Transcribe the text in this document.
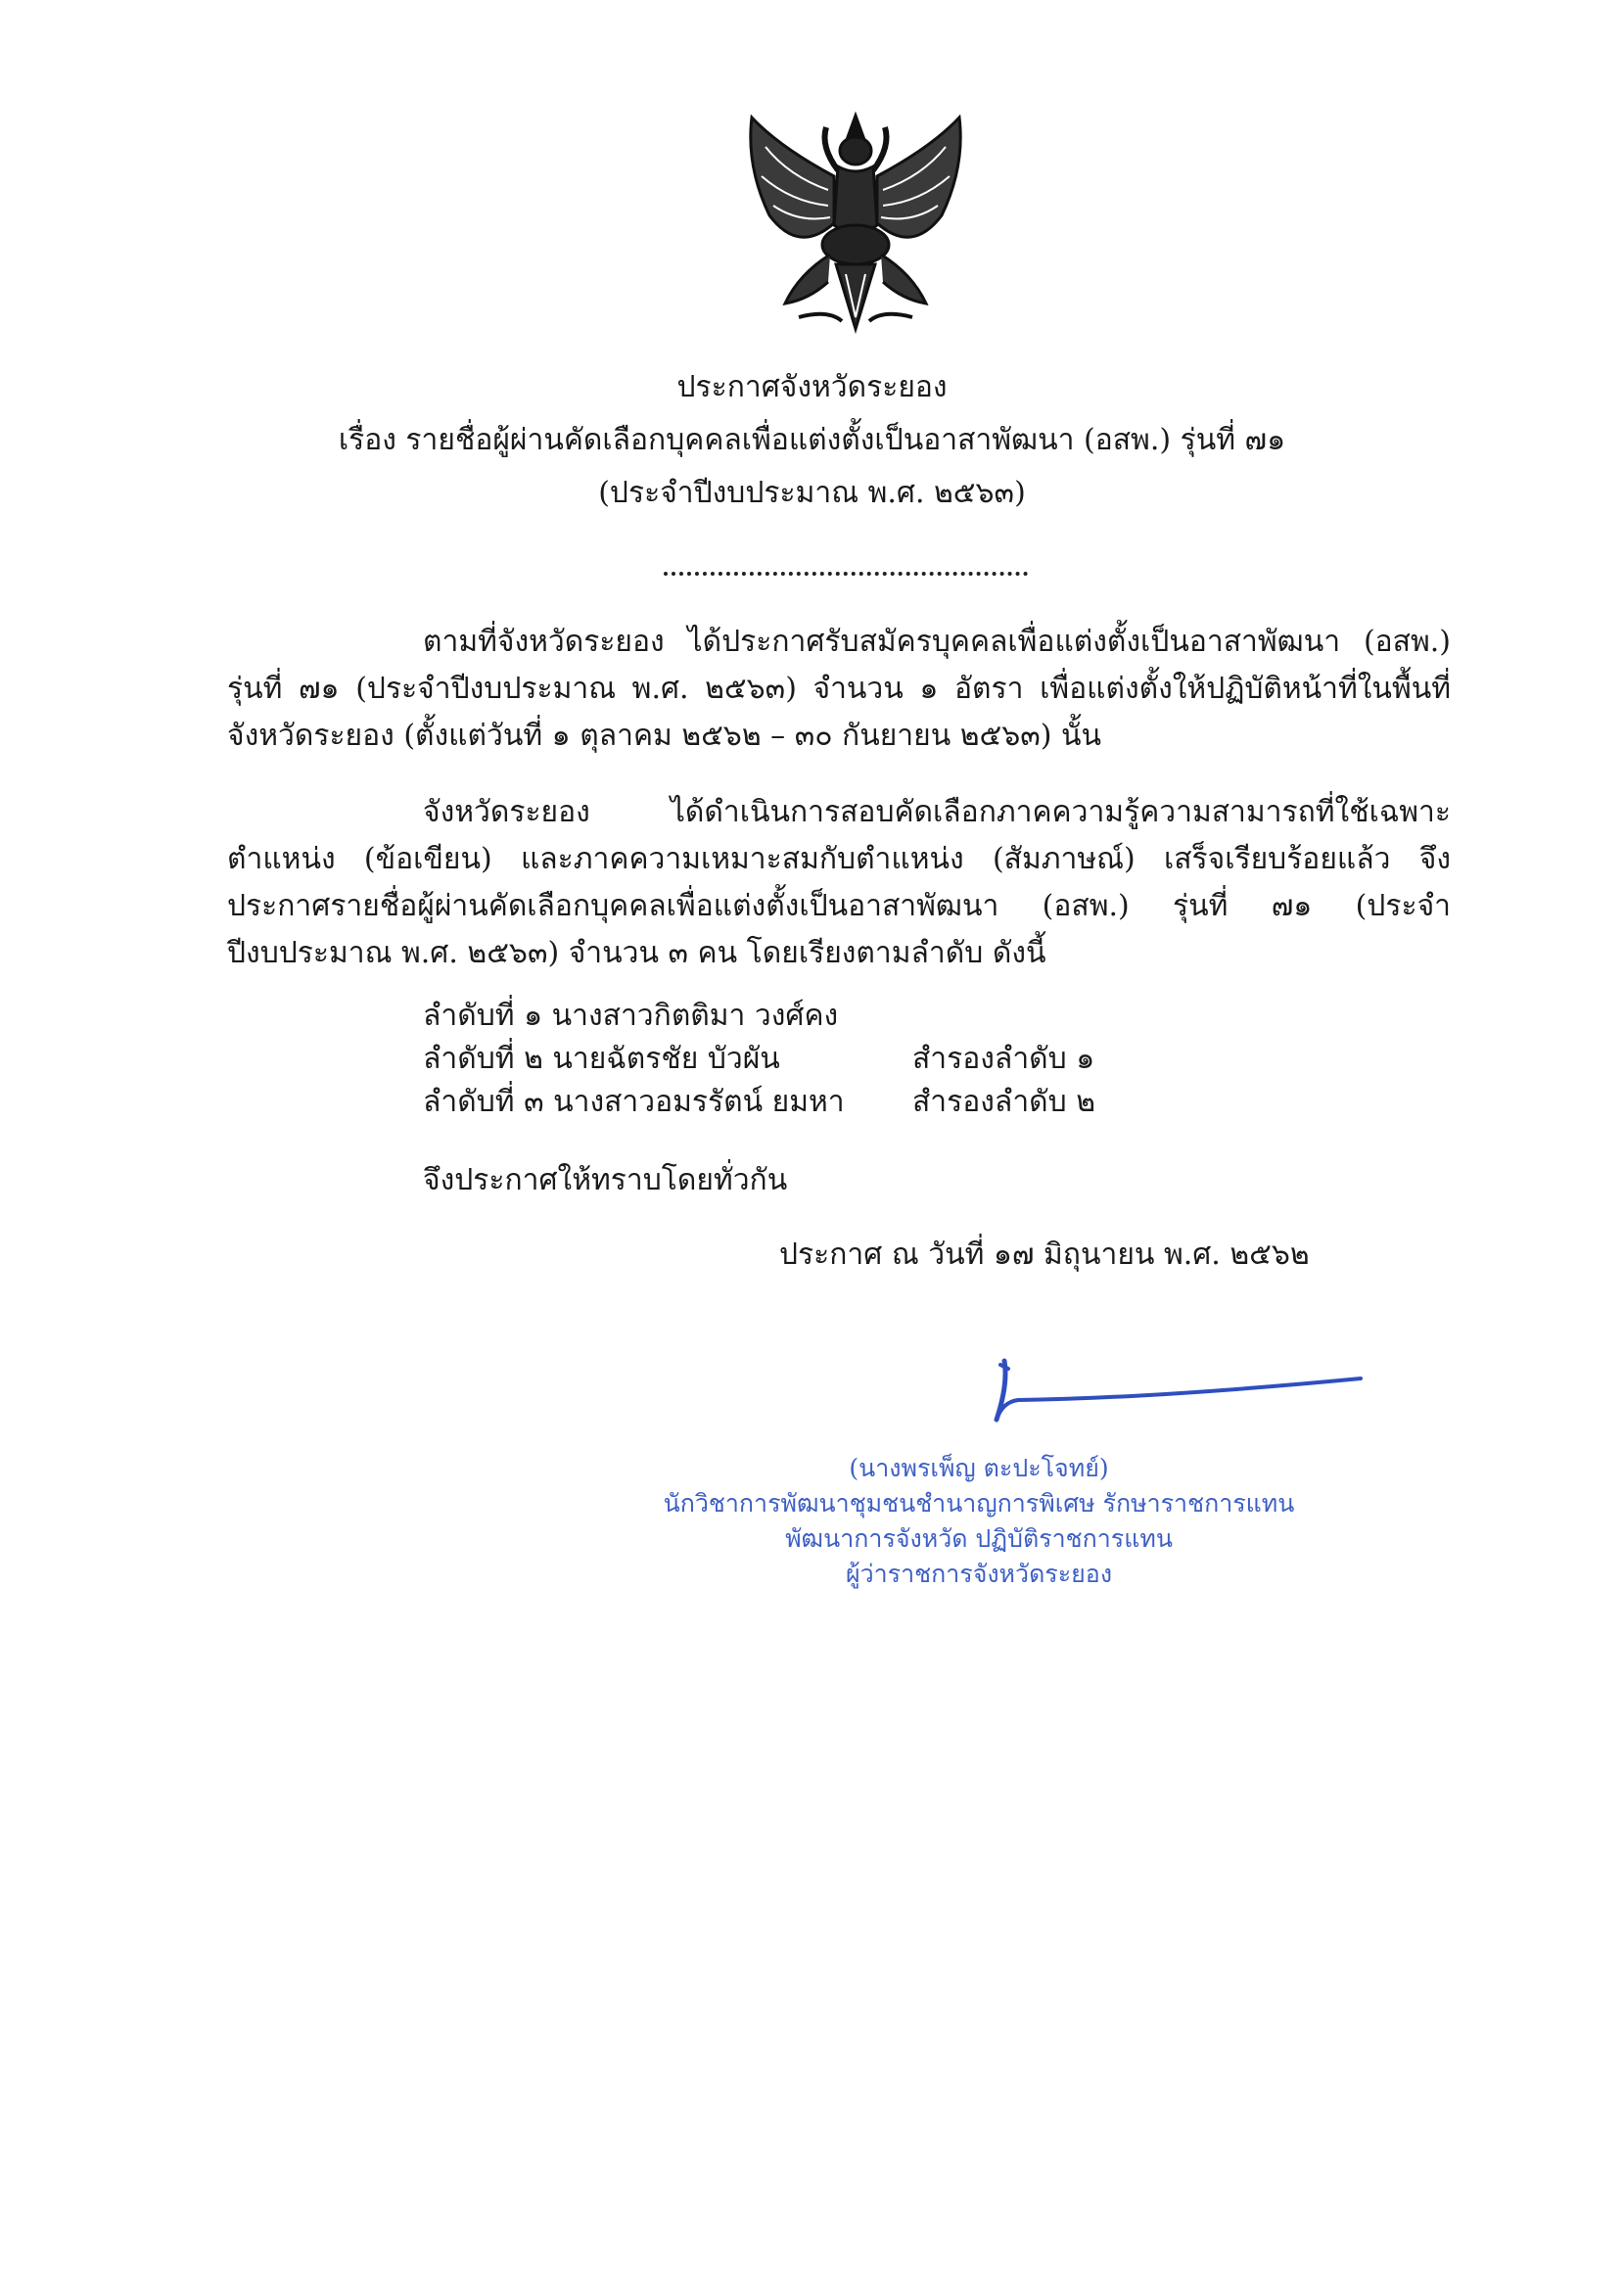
ประกาศจังหวัดระยอง
เรื่อง รายชื่อผู้ผ่านคัดเลือกบุคคลเพื่อแต่งตั้งเป็นอาสาพัฒนา (อสพ.) รุ่นที่ ๗๑
(ประจำปีงบประมาณ พ.ศ. ๒๕๖๓)

ตามที่จังหวัดระยอง ได้ประกาศรับสมัครบุคคลเพื่อแต่งตั้งเป็นอาสาพัฒนา (อสพ.) รุ่นที่ ๗๑ (ประจำปีงบประมาณ พ.ศ. ๒๕๖๓) จำนวน ๑ อัตรา เพื่อแต่งตั้งให้ปฏิบัติหน้าที่ในพื้นที่จังหวัดระยอง (ตั้งแต่วันที่ ๑ ตุลาคม ๒๕๖๒ – ๓๐ กันยายน ๒๕๖๓) นั้น

จังหวัดระยอง ได้ดำเนินการสอบคัดเลือกภาคความรู้ความสามารถที่ใช้เฉพาะตำแหน่ง (ข้อเขียน) และภาคความเหมาะสมกับตำแหน่ง (สัมภาษณ์) เสร็จเรียบร้อยแล้ว จึงประกาศรายชื่อผู้ผ่านคัดเลือกบุคคลเพื่อแต่งตั้งเป็นอาสาพัฒนา (อสพ.) รุ่นที่ ๗๑ (ประจำปีงบประมาณ พ.ศ. ๒๕๖๓) จำนวน ๓ คน โดยเรียงตามลำดับ ดังนี้

ลำดับที่ ๑ นางสาวกิตติมา วงศ์คง
ลำดับที่ ๒ นายฉัตรชัย บัวผัน	สำรองลำดับ ๑
ลำดับที่ ๓ นางสาวอมรรัตน์ ยมหา สำรองลำดับ ๒
จึงประกาศให้ทราบโดยทั่วกัน
ประกาศ ณ วันที่ ๑๗ มิถุนายน พ.ศ. ๒๕๖๒
(นางพรเพ็ญ ตะปะโจทย์)
นักวิชาการพัฒนาชุมชนชำนาญการพิเศษ รักษาราชการแทน
พัฒนาการจังหวัด ปฏิบัติราชการแทน
ผู้ว่าราชการจังหวัดระยอง
